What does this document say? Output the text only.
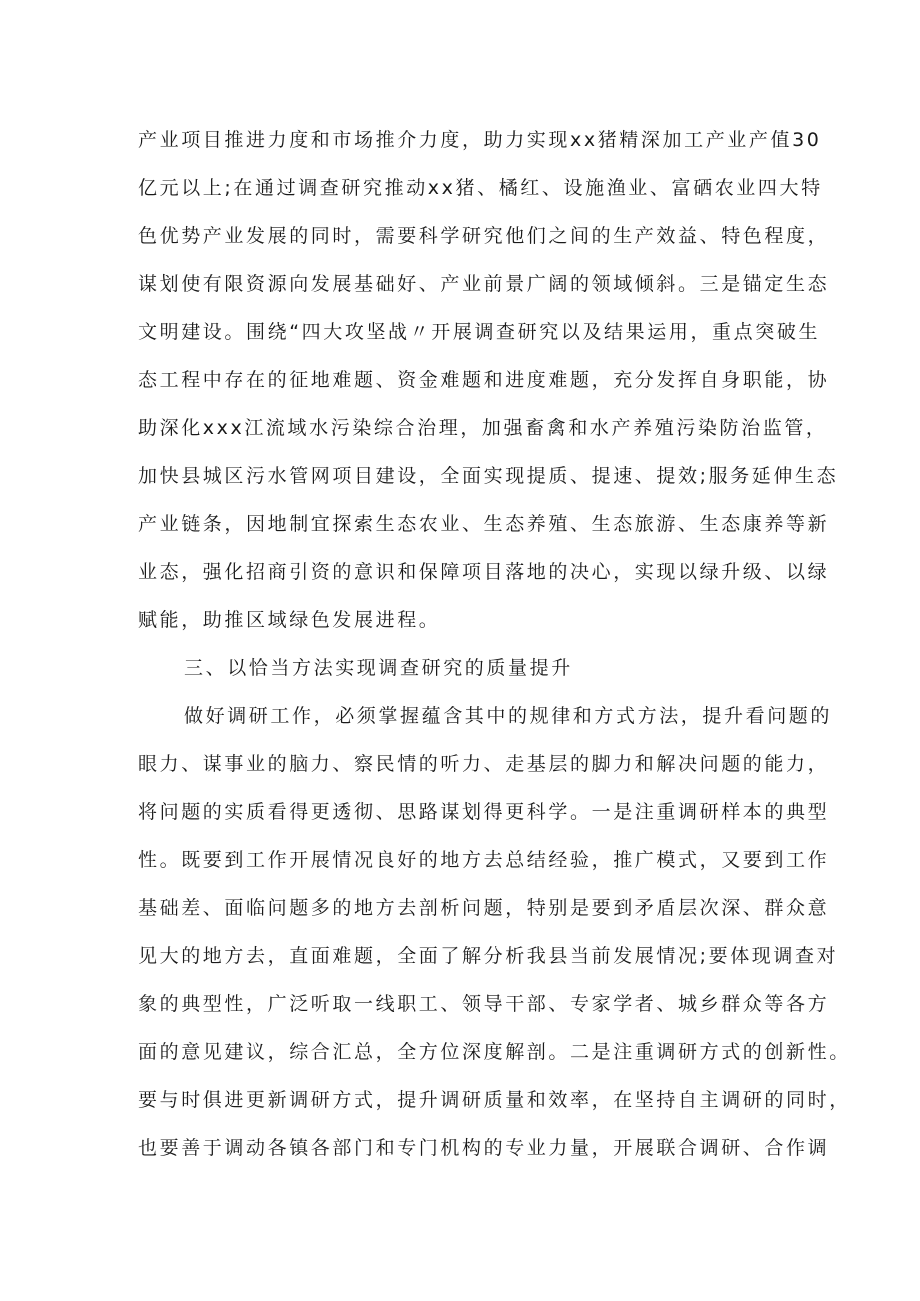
产业项目推进力度和市场推介力度，助力实现xx猪精深加工产业产值30
亿元以上;在通过调查研究推动xx猪、橘红、设施渔业、富硒农业四大特
色优势产业发展的同时，需要科学研究他们之间的生产效益、特色程度，
谋划使有限资源向发展基础好、产业前景广阔的领域倾斜。三是锚定生态
文明建设。围绕“四大攻坚战〃开展调查研究以及结果运用，重点突破生
态工程中存在的征地难题、资金难题和进度难题，充分发挥自身职能，协
助深化xxx江流域水污染综合治理，加强畜禽和水产养殖污染防治监管，
加快县城区污水管网项目建设，全面实现提质、提速、提效;服务延伸生态
产业链条，因地制宜探索生态农业、生态养殖、生态旅游、生态康养等新
业态，强化招商引资的意识和保障项目落地的决心，实现以绿升级、以绿
赋能，助推区域绿色发展进程。
三、以恰当方法实现调查研究的质量提升
做好调研工作，必须掌握蕴含其中的规律和方式方法，提升看问题的
眼力、谋事业的脑力、察民情的听力、走基层的脚力和解决问题的能力，
将问题的实质看得更透彻、思路谋划得更科学。一是注重调研样本的典型
性。既要到工作开展情况良好的地方去总结经验，推广模式，又要到工作
基础差、面临问题多的地方去剖析问题，特别是要到矛盾层次深、群众意
见大的地方去，直面难题，全面了解分析我县当前发展情况;要体现调查对
象的典型性，广泛听取一线职工、领导干部、专家学者、城乡群众等各方
面的意见建议，综合汇总，全方位深度解剖。二是注重调研方式的创新性。
要与时俱进更新调研方式，提升调研质量和效率，在坚持自主调研的同时，
也要善于调动各镇各部门和专门机构的专业力量，开展联合调研、合作调
